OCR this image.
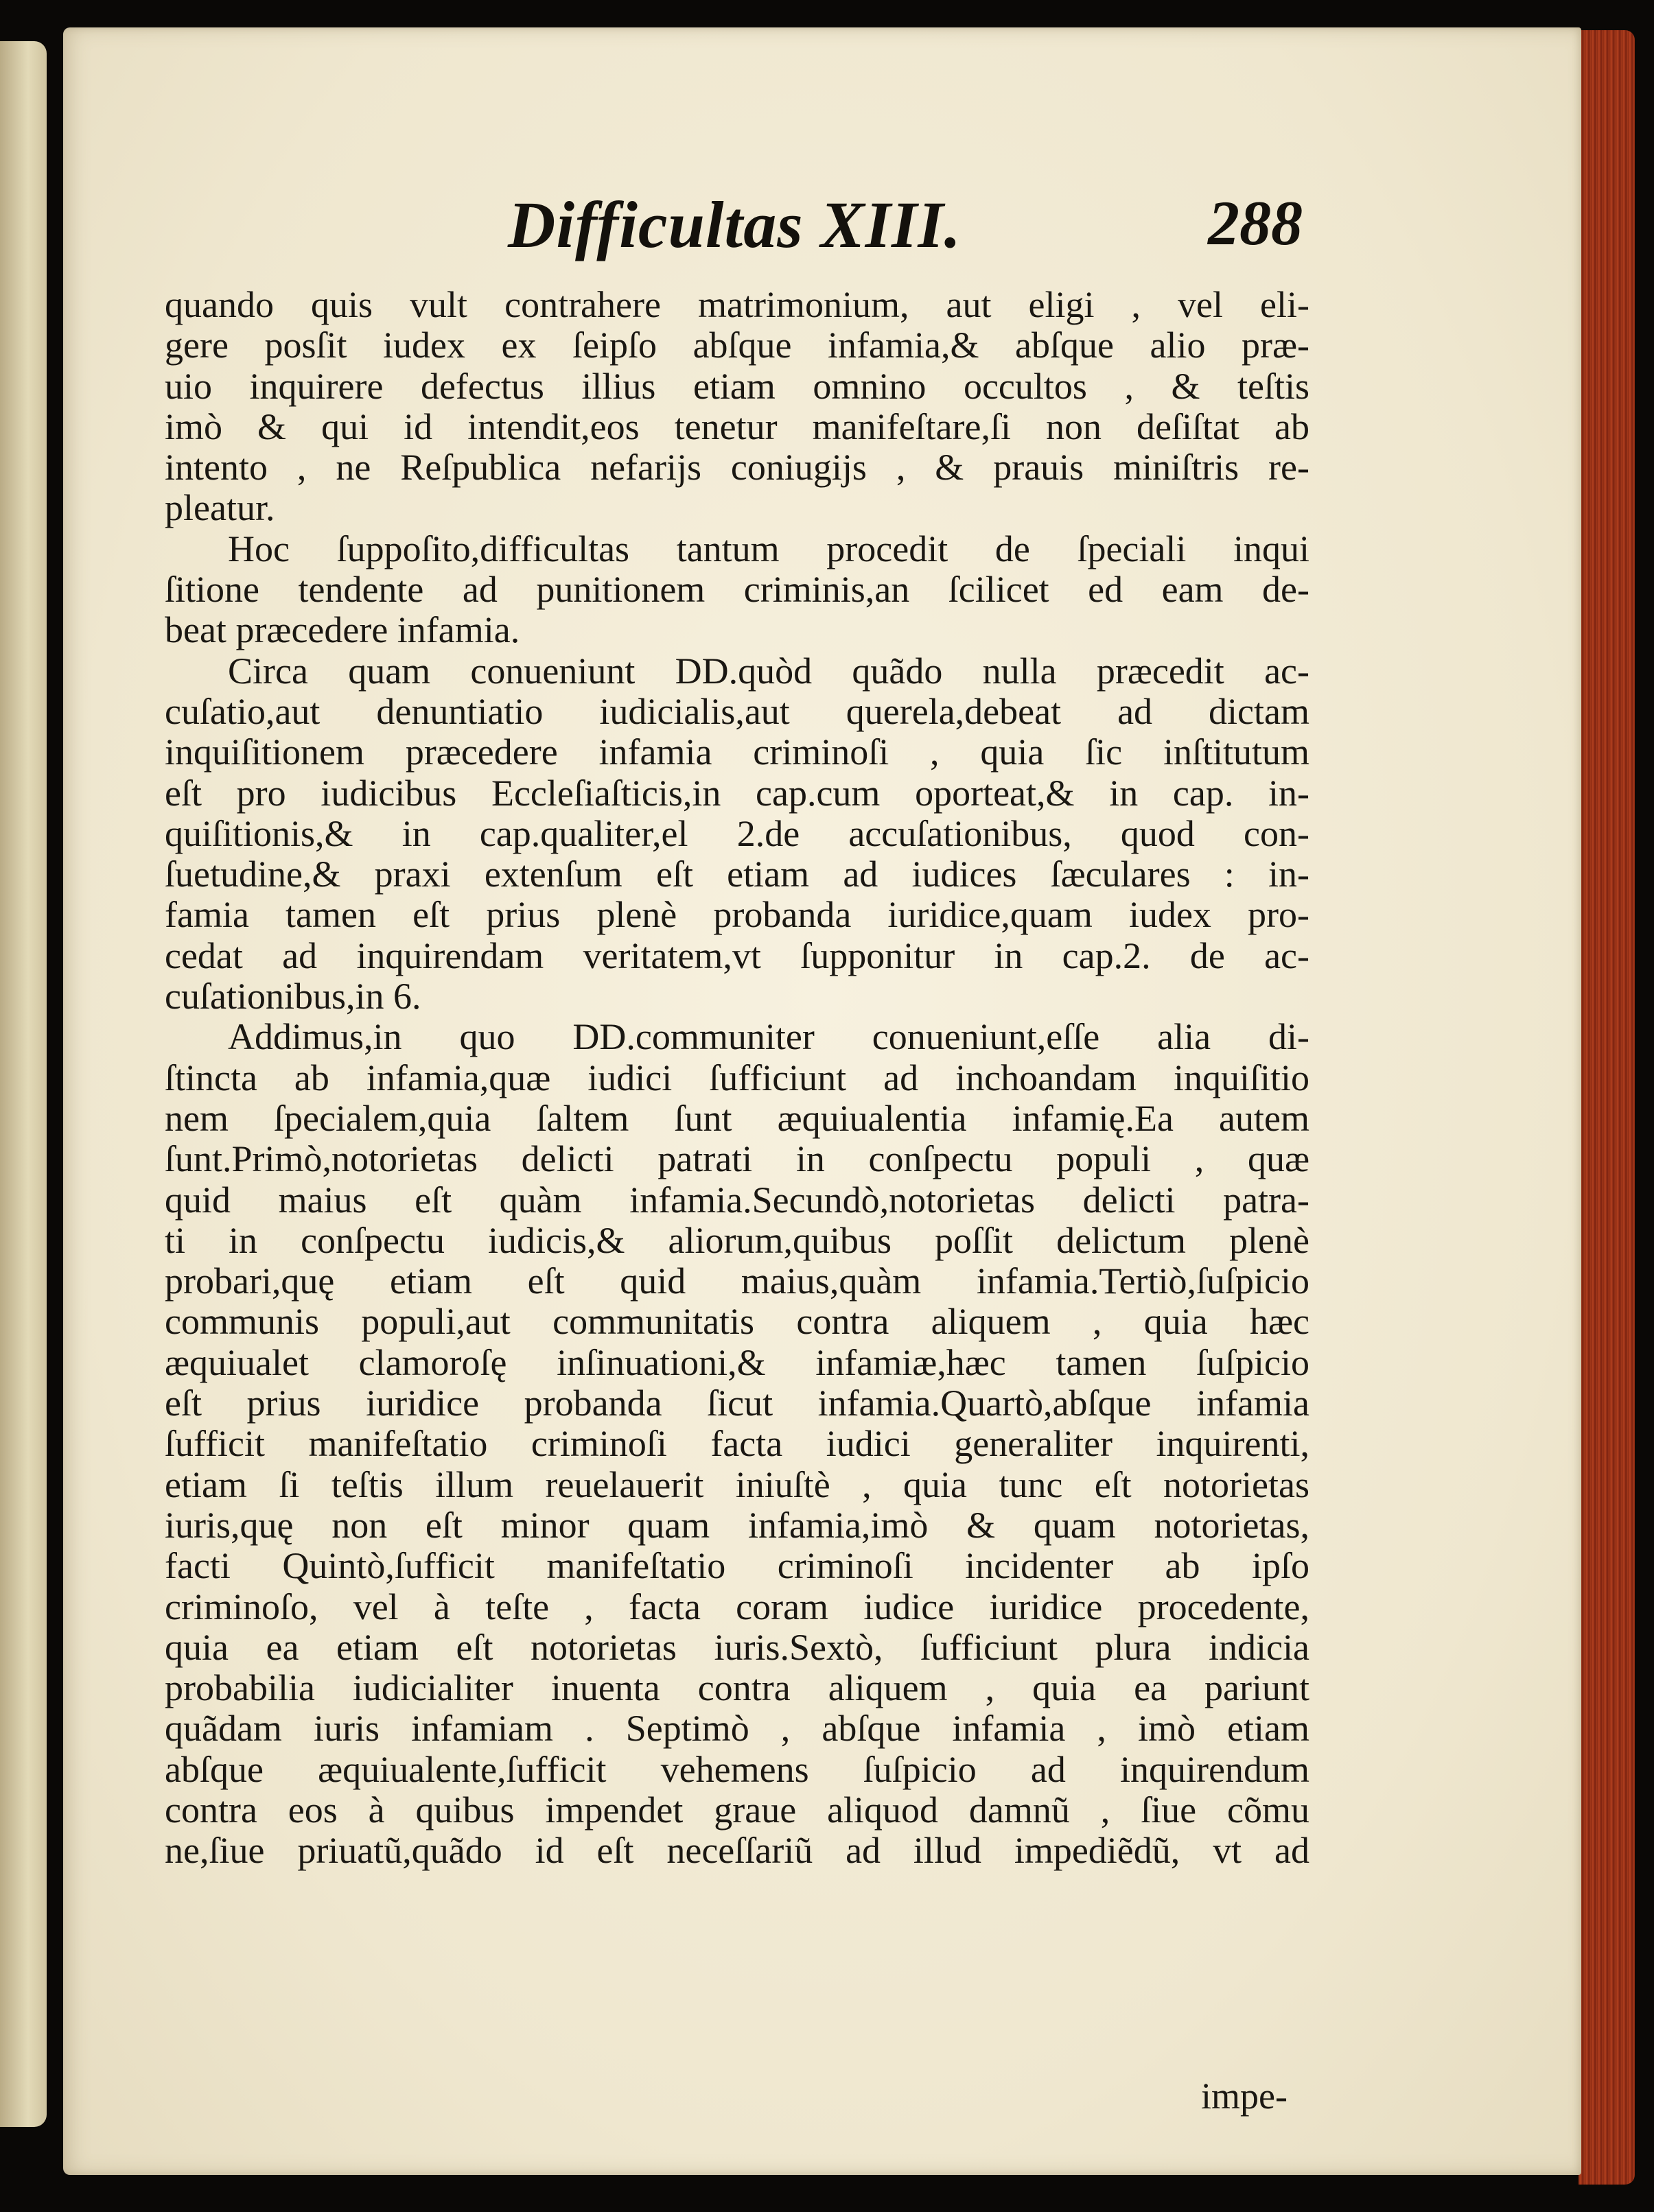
Difficultas XIII.	288
quando quis vult contrahere matrimonium, aut eligi , vel eli-
gere posſit iudex ex ſeipſo abſque infamia,& abſque alio præ-
uio inquirere defectus illius etiam omnino occultos , & teſtis
imò & qui id intendit,eos tenetur manifeſtare,ſi non deſiſtat ab
intento , ne Reſpublica nefarijs coniugijs , & prauis miniſtris re-
pleatur.
Hoc ſuppoſito,difficultas tantum procedit de ſpeciali inqui
ſitione tendente ad punitionem criminis,an ſcilicet ed eam de-
beat præcedere infamia.
Circa quam conueniunt DD.quòd quãdo nulla præcedit ac-
cuſatio,aut denuntiatio iudicialis,aut querela,debeat ad dictam
inquiſitionem præcedere infamia criminoſi , quia ſic inſtitutum
eſt pro iudicibus Eccleſiaſticis,in cap.cum oporteat,& in cap. in-
quiſitionis,& in cap.qualiter,el 2.de accuſationibus, quod con-
ſuetudine,& praxi extenſum eſt etiam ad iudices ſæculares : in-
famia tamen eſt prius plenè probanda iuridice,quam iudex pro-
cedat ad inquirendam veritatem,vt ſupponitur in cap.2. de ac-
cuſationibus,in 6.
Addimus,in quo DD.communiter conueniunt,eſſe alia di-
ſtincta ab infamia,quæ iudici ſufficiunt ad inchoandam inquiſitio
nem ſpecialem,quia ſaltem ſunt æquiualentia infamię.Ea autem
ſunt.Primò,notorietas delicti patrati in conſpectu populi , quæ
quid maius eſt quàm infamia.Secundò,notorietas delicti patra-
ti in conſpectu iudicis,& aliorum,quibus poſſit delictum plenè
probari,quę etiam eſt quid maius,quàm infamia.Tertiò,ſuſpicio
communis populi,aut communitatis contra aliquem , quia hæc
æquiualet clamoroſę inſinuationi,& infamiæ,hæc tamen ſuſpicio
eſt prius iuridice probanda ſicut infamia.Quartò,abſque infamia
ſufficit manifeſtatio criminoſi facta iudici generaliter inquirenti,
etiam ſi teſtis illum reuelauerit iniuſtè , quia tunc eſt notorietas
iuris,quę non eſt minor quam infamia,imò & quam notorietas,
facti Quintò,ſufficit manifeſtatio criminoſi incidenter ab ipſo
criminoſo, vel à teſte , facta coram iudice iuridice procedente,
quia ea etiam eſt notorietas iuris.Sextò, ſufficiunt plura indicia
probabilia iudicialiter inuenta contra aliquem , quia ea pariunt
quãdam iuris infamiam . Septimò , abſque infamia , imò etiam
abſque æquiualente,ſufficit vehemens ſuſpicio ad inquirendum
contra eos à quibus impendet graue aliquod damnũ , ſiue cõmu
ne,ſiue priuatũ,quãdo id eſt neceſſariũ ad illud impediẽdũ, vt ad
impe-
